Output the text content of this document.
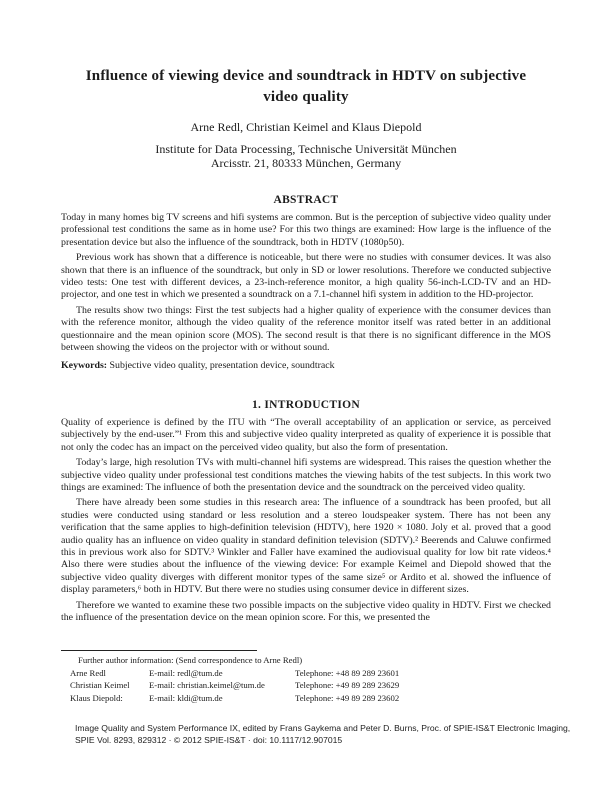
Influence of viewing device and soundtrack in HDTV on subjective video quality
Arne Redl, Christian Keimel and Klaus Diepold
Institute for Data Processing, Technische Universität München
Arcisstr. 21, 80333 München, Germany
ABSTRACT

Today in many homes big TV screens and hifi systems are common. But is the perception of subjective video quality under professional test conditions the same as in home use? For this two things are examined: How large is the influence of the presentation device but also the influence of the soundtrack, both in HDTV (1080p50).

Previous work has shown that a difference is noticeable, but there were no studies with consumer devices. It was also shown that there is an influence of the soundtrack, but only in SD or lower resolutions. Therefore we conducted subjective video tests: One test with different devices, a 23-inch-reference monitor, a high quality 56-inch-LCD-TV and an HD-projector, and one test in which we presented a soundtrack on a 7.1-channel hifi system in addition to the HD-projector.

The results show two things: First the test subjects had a higher quality of experience with the consumer devices than with the reference monitor, although the video quality of the reference monitor itself was rated better in an additional questionnaire and the mean opinion score (MOS). The second result is that there is no significant difference in the MOS between showing the videos on the projector with or without sound.

Keywords: Subjective video quality, presentation device, soundtrack

1. INTRODUCTION

Quality of experience is defined by the ITU with “The overall acceptability of an application or service, as perceived subjectively by the end-user.”¹ From this and subjective video quality interpreted as quality of experience it is possible that not only the codec has an impact on the perceived video quality, but also the form of presentation.

Today’s large, high resolution TVs with multi-channel hifi systems are widespread. This raises the question whether the subjective video quality under professional test conditions matches the viewing habits of the test subjects. In this work two things are examined: The influence of both the presentation device and the soundtrack on the perceived video quality.

There have already been some studies in this research area: The influence of a soundtrack has been proofed, but all studies were conducted using standard or less resolution and a stereo loudspeaker system. There has not been any verification that the same applies to high-definition television (HDTV), here 1920 × 1080. Joly et al. proved that a good audio quality has an influence on video quality in standard definition television (SDTV).² Beerends and Caluwe confirmed this in previous work also for SDTV.³ Winkler and Faller have examined the audiovisual quality for low bit rate videos.⁴ Also there were studies about the influence of the viewing device: For example Keimel and Diepold showed that the subjective video quality diverges with different monitor types of the same size⁵ or Ardito et al. showed the influence of display parameters,⁶ both in HDTV. But there were no studies using consumer device in different sizes.

Therefore we wanted to examine these two possible impacts on the subjective video quality in HDTV. First we checked the influence of the presentation device on the mean opinion score. For this, we presented the

Further author information: (Send correspondence to Arne Redl)
Arne Redl	E-mail: redl@tum.de	Telephone: +48 89 289 23601
Christian Keimel	E-mail: christian.keimel@tum.de	Telephone: +49 89 289 23629
Klaus Diepold:	E-mail: kldi@tum.de	Telephone: +49 89 289 23602
Image Quality and System Performance IX, edited by Frans Gaykema and Peter D. Burns, Proc. of SPIE-IS&T Electronic Imaging,
SPIE Vol. 8293, 829312 · © 2012 SPIE-IS&T · doi: 10.1117/12.907015
